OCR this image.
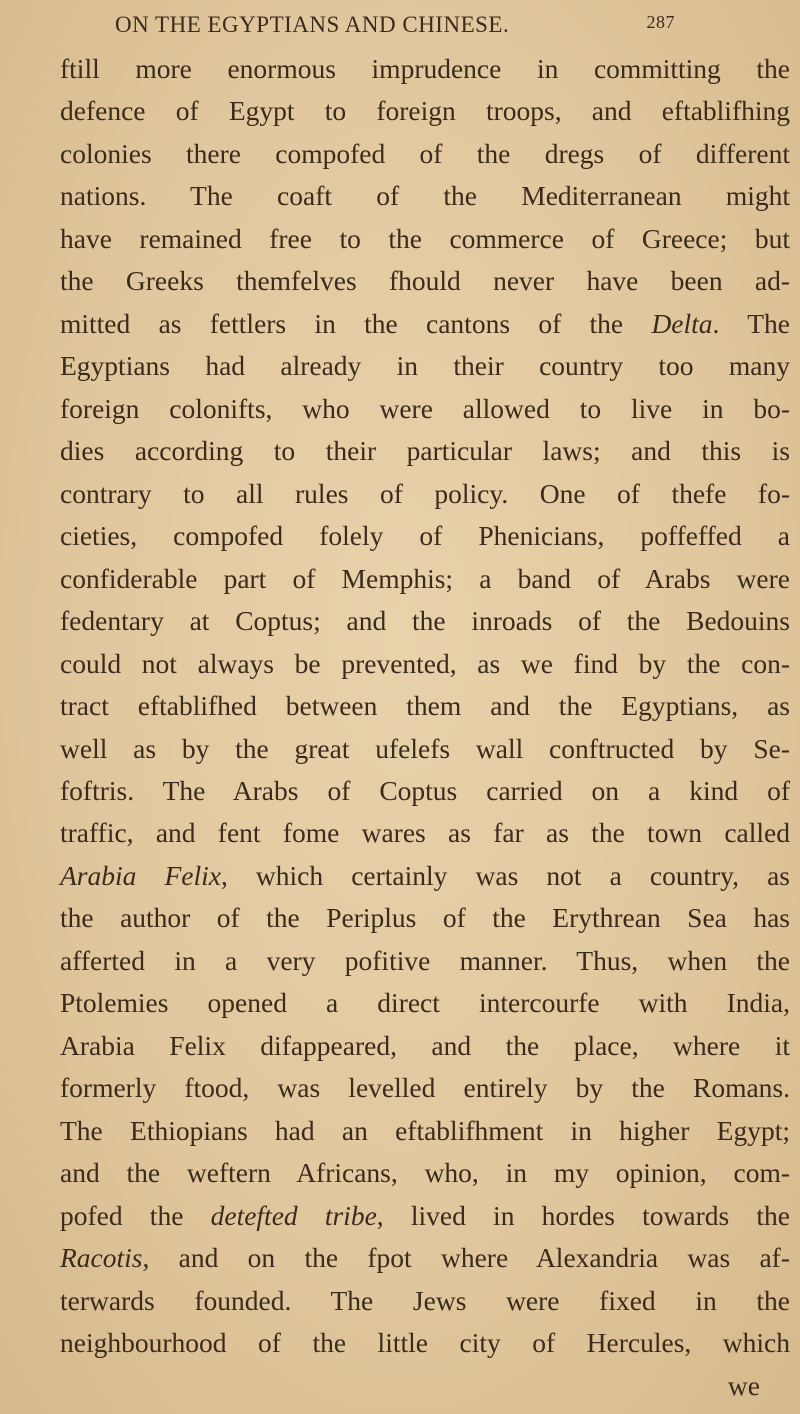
ON THE EGYPTIANS AND CHINESE.	287
ftill more enormous imprudence in committing the
defence of Egypt to foreign troops, and eftablifhing
colonies there compofed of the dregs of different
nations. The coaft of the Mediterranean might
have remained free to the commerce of Greece; but
the Greeks themfelves fhould never have been ad-
mitted as fettlers in the cantons of the Delta. The
Egyptians had already in their country too many
foreign colonifts, who were allowed to live in bo-
dies according to their particular laws; and this is
contrary to all rules of policy. One of thefe fo-
cieties, compofed folely of Phenicians, poffeffed a
confiderable part of Memphis; a band of Arabs were
fedentary at Coptus; and the inroads of the Bedouins
could not always be prevented, as we find by the con-
tract eftablifhed between them and the Egyptians, as
well as by the great ufelefs wall conftructed by Se-
foftris. The Arabs of Coptus carried on a kind of
traffic, and fent fome wares as far as the town called
Arabia Felix, which certainly was not a country, as
the author of the Periplus of the Erythrean Sea has
afferted in a very pofitive manner. Thus, when the
Ptolemies opened a direct intercourfe with India,
Arabia Felix difappeared, and the place, where it
formerly ftood, was levelled entirely by the Romans.
The Ethiopians had an eftablifhment in higher Egypt;
and the weftern Africans, who, in my opinion, com-
pofed the detefted tribe, lived in hordes towards the
Racotis, and on the fpot where Alexandria was af-
terwards founded. The Jews were fixed in the
neighbourhood of the little city of Hercules, which
we
